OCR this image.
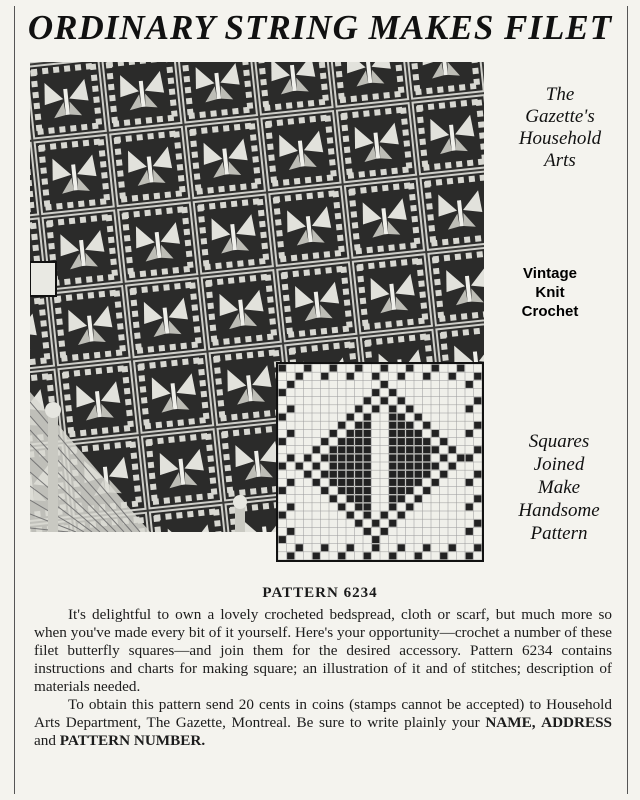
ORDINARY STRING MAKES FILET
The
Gazette's
Household
Arts
Vintage
Knit
Crochet
Squares
Joined
Make
Handsome
Pattern
PATTERN 6234

It's delightful to own a lovely crocheted bedspread, cloth or scarf, but much more so when you've made every bit of it yourself. Here's your opportunity—crochet a number of these filet butterfly squares—and join them for the desired accessory. Pattern 6234 contains instructions and charts for making square; an illustration of it and of stitches; description of materials needed.

To obtain this pattern send 20 cents in coins (stamps cannot be accepted) to Household Arts Department, The Gazette, Montreal. Be sure to write plainly your NAME, ADDRESS and PATTERN NUMBER.
